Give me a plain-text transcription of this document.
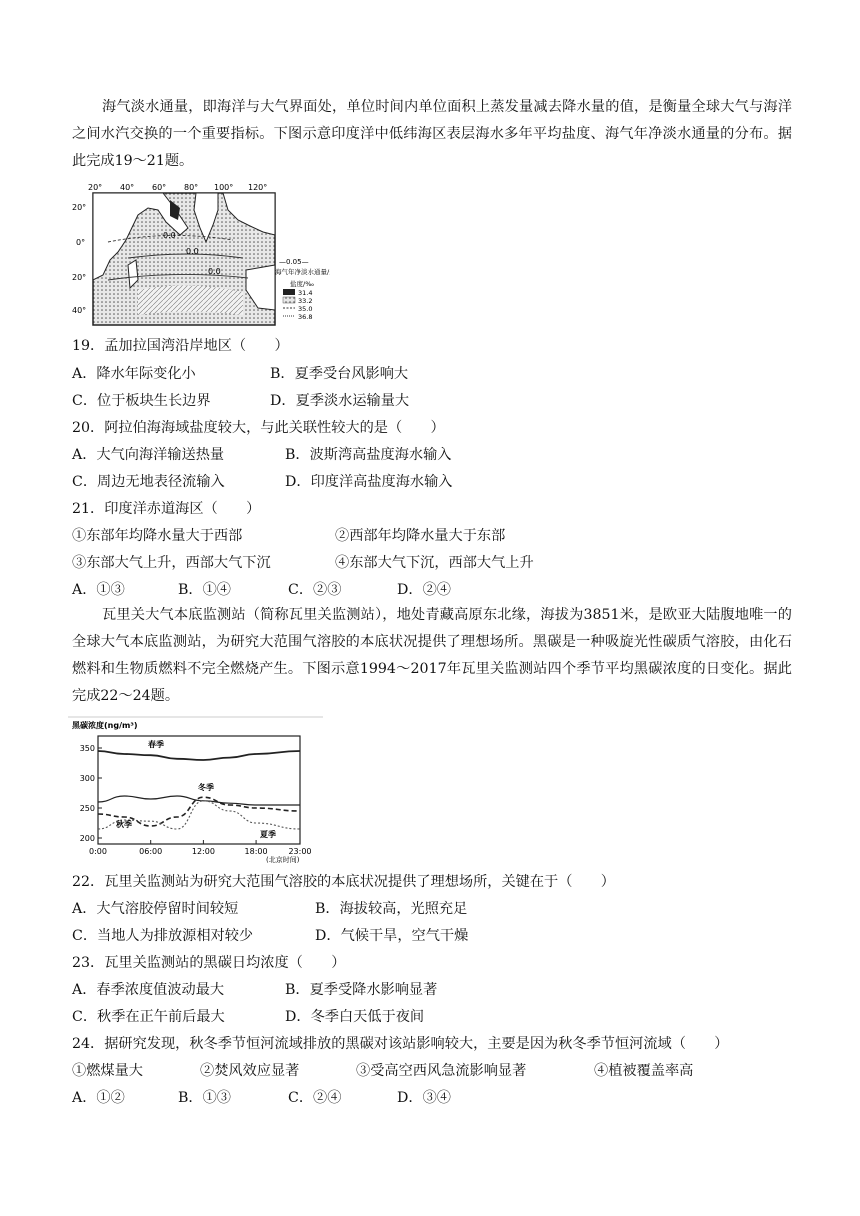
海气淡水通量，即海洋与大气界面处，单位时间内单位面积上蒸发量减去降水量的值，是衡量全球大气与海洋之间水汽交换的一个重要指标。下图示意印度洋中低纬海区表层海水多年平均盐度、海气年净淡水通量的分布。据此完成19～21题。
0.0
0.0
0.0
20° 40° 60° 80° 100° 120°
20°
0°
20°
40°
—0.05—
海气年净淡水通量/米
盐度/‰
31.4
33.2
35.0
36.8
19．孟加拉国湾沿岸地区（　　）
A．降水年际变化小	B．夏季受台风影响大
C．位于板块生长边界	D．夏季淡水运输量大
20．阿拉伯海海域盐度较大，与此关联性较大的是（　　）
A．大气向海洋输送热量	B．波斯湾高盐度海水输入
C．周边无地表径流输入	D．印度洋高盐度海水输入
21．印度洋赤道海区（　　）
①东部年均降水量大于西部	②西部年均降水量大于东部
③东部大气上升，西部大气下沉	④东部大气下沉，西部大气上升
A．①③	B．①④	C．②③	D．②④
瓦里关大气本底监测站（简称瓦里关监测站），地处青藏高原东北缘，海拔为3851米，是欧亚大陆腹地唯一的全球大气本底监测站，为研究大范围气溶胶的本底状况提供了理想场所。黑碳是一种吸旋光性碳质气溶胶，由化石燃料和生物质燃料不完全燃烧产生。下图示意1994～2017年瓦里关监测站四个季节平均黑碳浓度的日变化。据此完成22～24题。
黑碳浓度(ng/m³)
200
250
300
350
0:00	06:00	12:00	18:00	23:00
春季
冬季
秋季
夏季
(北京时间)
22．瓦里关监测站为研究大范围气溶胶的本底状况提供了理想场所，关键在于（　　）
A．大气溶胶停留时间较短	B．海拔较高，光照充足
C．当地人为排放源相对较少	D．气候干旱，空气干燥
23．瓦里关监测站的黑碳日均浓度（　　）
A．春季浓度值波动最大	B．夏季受降水影响显著
C．秋季在正午前后最大	D．冬季白天低于夜间
24．据研究发现，秋冬季节恒河流域排放的黑碳对该站影响较大，主要是因为秋冬季节恒河流域（　　）
①燃煤量大	②焚风效应显著	③受高空西风急流影响显著	④植被覆盖率高
A．①②	B．①③	C．②④	D．③④
